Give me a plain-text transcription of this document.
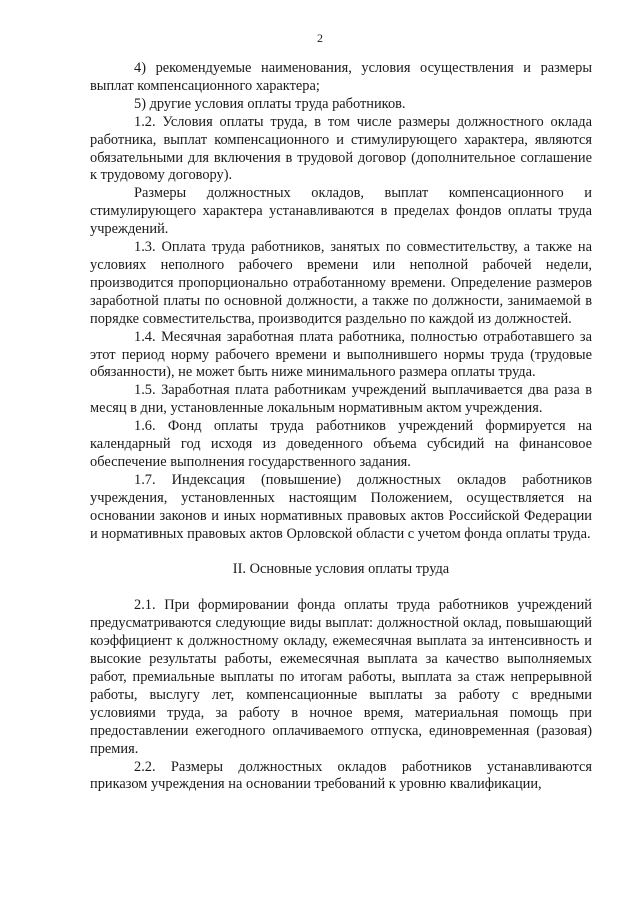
2

4) рекомендуемые наименования, условия осуществления и размеры выплат компенсационного характера;

5) другие условия оплаты труда работников.

1.2. Условия оплаты труда, в том числе размеры должностного оклада работника, выплат компенсационного и стимулирующего характера, являются обязательными для включения в трудовой договор (дополнительное соглашение к трудовому договору).

Размеры должностных окладов, выплат компенсационного и стимулирующего характера устанавливаются в пределах фондов оплаты труда учреждений.

1.3. Оплата труда работников, занятых по совместительству, а также на условиях неполного рабочего времени или неполной рабочей недели, производится пропорционально отработанному времени. Определение размеров заработной платы по основной должности, а также по должности, занимаемой в порядке совместительства, производится раздельно по каждой из должностей.

1.4. Месячная заработная плата работника, полностью отработавшего за этот период норму рабочего времени и выполнившего нормы труда (трудовые обязанности), не может быть ниже минимального размера оплаты труда.

1.5. Заработная плата работникам учреждений выплачивается два раза в месяц в дни, установленные локальным нормативным актом учреждения.

1.6. Фонд оплаты труда работников учреждений формируется на календарный год исходя из доведенного объема субсидий на финансовое обеспечение выполнения государственного задания.

1.7. Индексация (повышение) должностных окладов работников учреждения, установленных настоящим Положением, осуществляется на основании законов и иных нормативных правовых актов Российской Федерации и нормативных правовых актов Орловской области с учетом фонда оплаты труда.

II. Основные условия оплаты труда

2.1. При формировании фонда оплаты труда работников учреждений предусматриваются следующие виды выплат: должностной оклад, повышающий коэффициент к должностному окладу, ежемесячная выплата за интенсивность и высокие результаты работы, ежемесячная выплата за качество выполняемых работ, премиальные выплаты по итогам работы, выплата за стаж непрерывной работы, выслугу лет, компенсационные выплаты за работу с вредными условиями труда, за работу в ночное время, материальная помощь при предоставлении ежегодного оплачиваемого отпуска, единовременная (разовая) премия.

2.2. Размеры должностных окладов работников устанавливаются приказом учреждения на основании требований к уровню квалификации,
